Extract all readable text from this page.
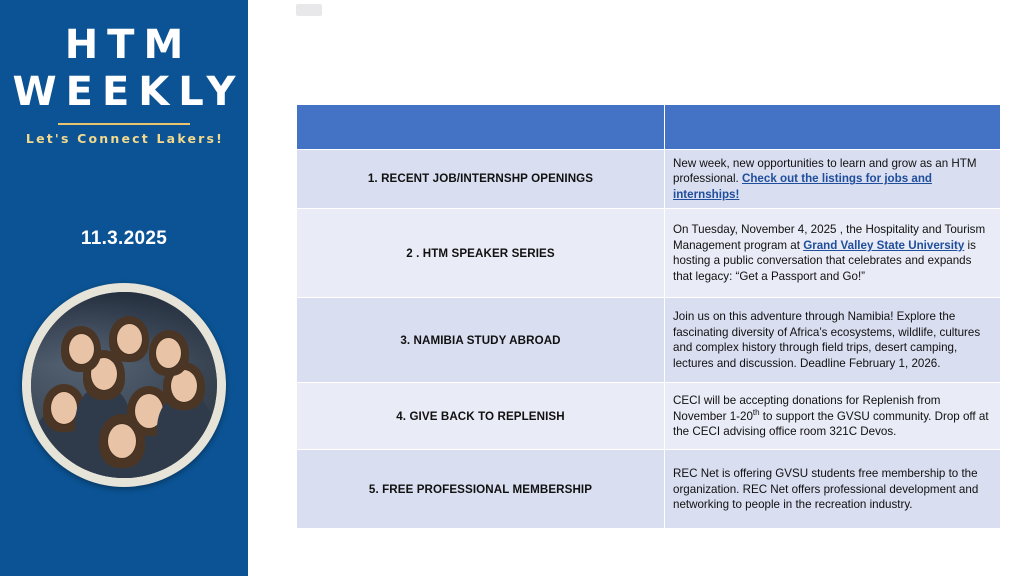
HTM
WEEKLY
Let's Connect Lakers!
11.3.2025

1. RECENT JOB/INTERNSHP OPENINGS	New week, new opportunities to learn and grow as an HTM professional. Check out the listings for jobs and internships!
2 . HTM SPEAKER SERIES	On Tuesday, November 4, 2025 , the Hospitality and Tourism Management program at Grand Valley State University is hosting a public conversation that celebrates and expands that legacy: “Get a Passport and Go!”
3. NAMIBIA STUDY ABROAD	Join us on this adventure through Namibia! Explore the fascinating diversity of Africa’s ecosystems, wildlife, cultures and complex history through field trips, desert camping, lectures and discussion. Deadline February 1, 2026.
4. GIVE BACK TO REPLENISH	CECI will be accepting donations for Replenish from November 1-20th to support the GVSU community. Drop off at the CECI advising office room 321C Devos.
5. FREE PROFESSIONAL MEMBERSHIP	REC Net is offering GVSU students free membership to the organization. REC Net offers professional development and networking to people in the recreation industry.
